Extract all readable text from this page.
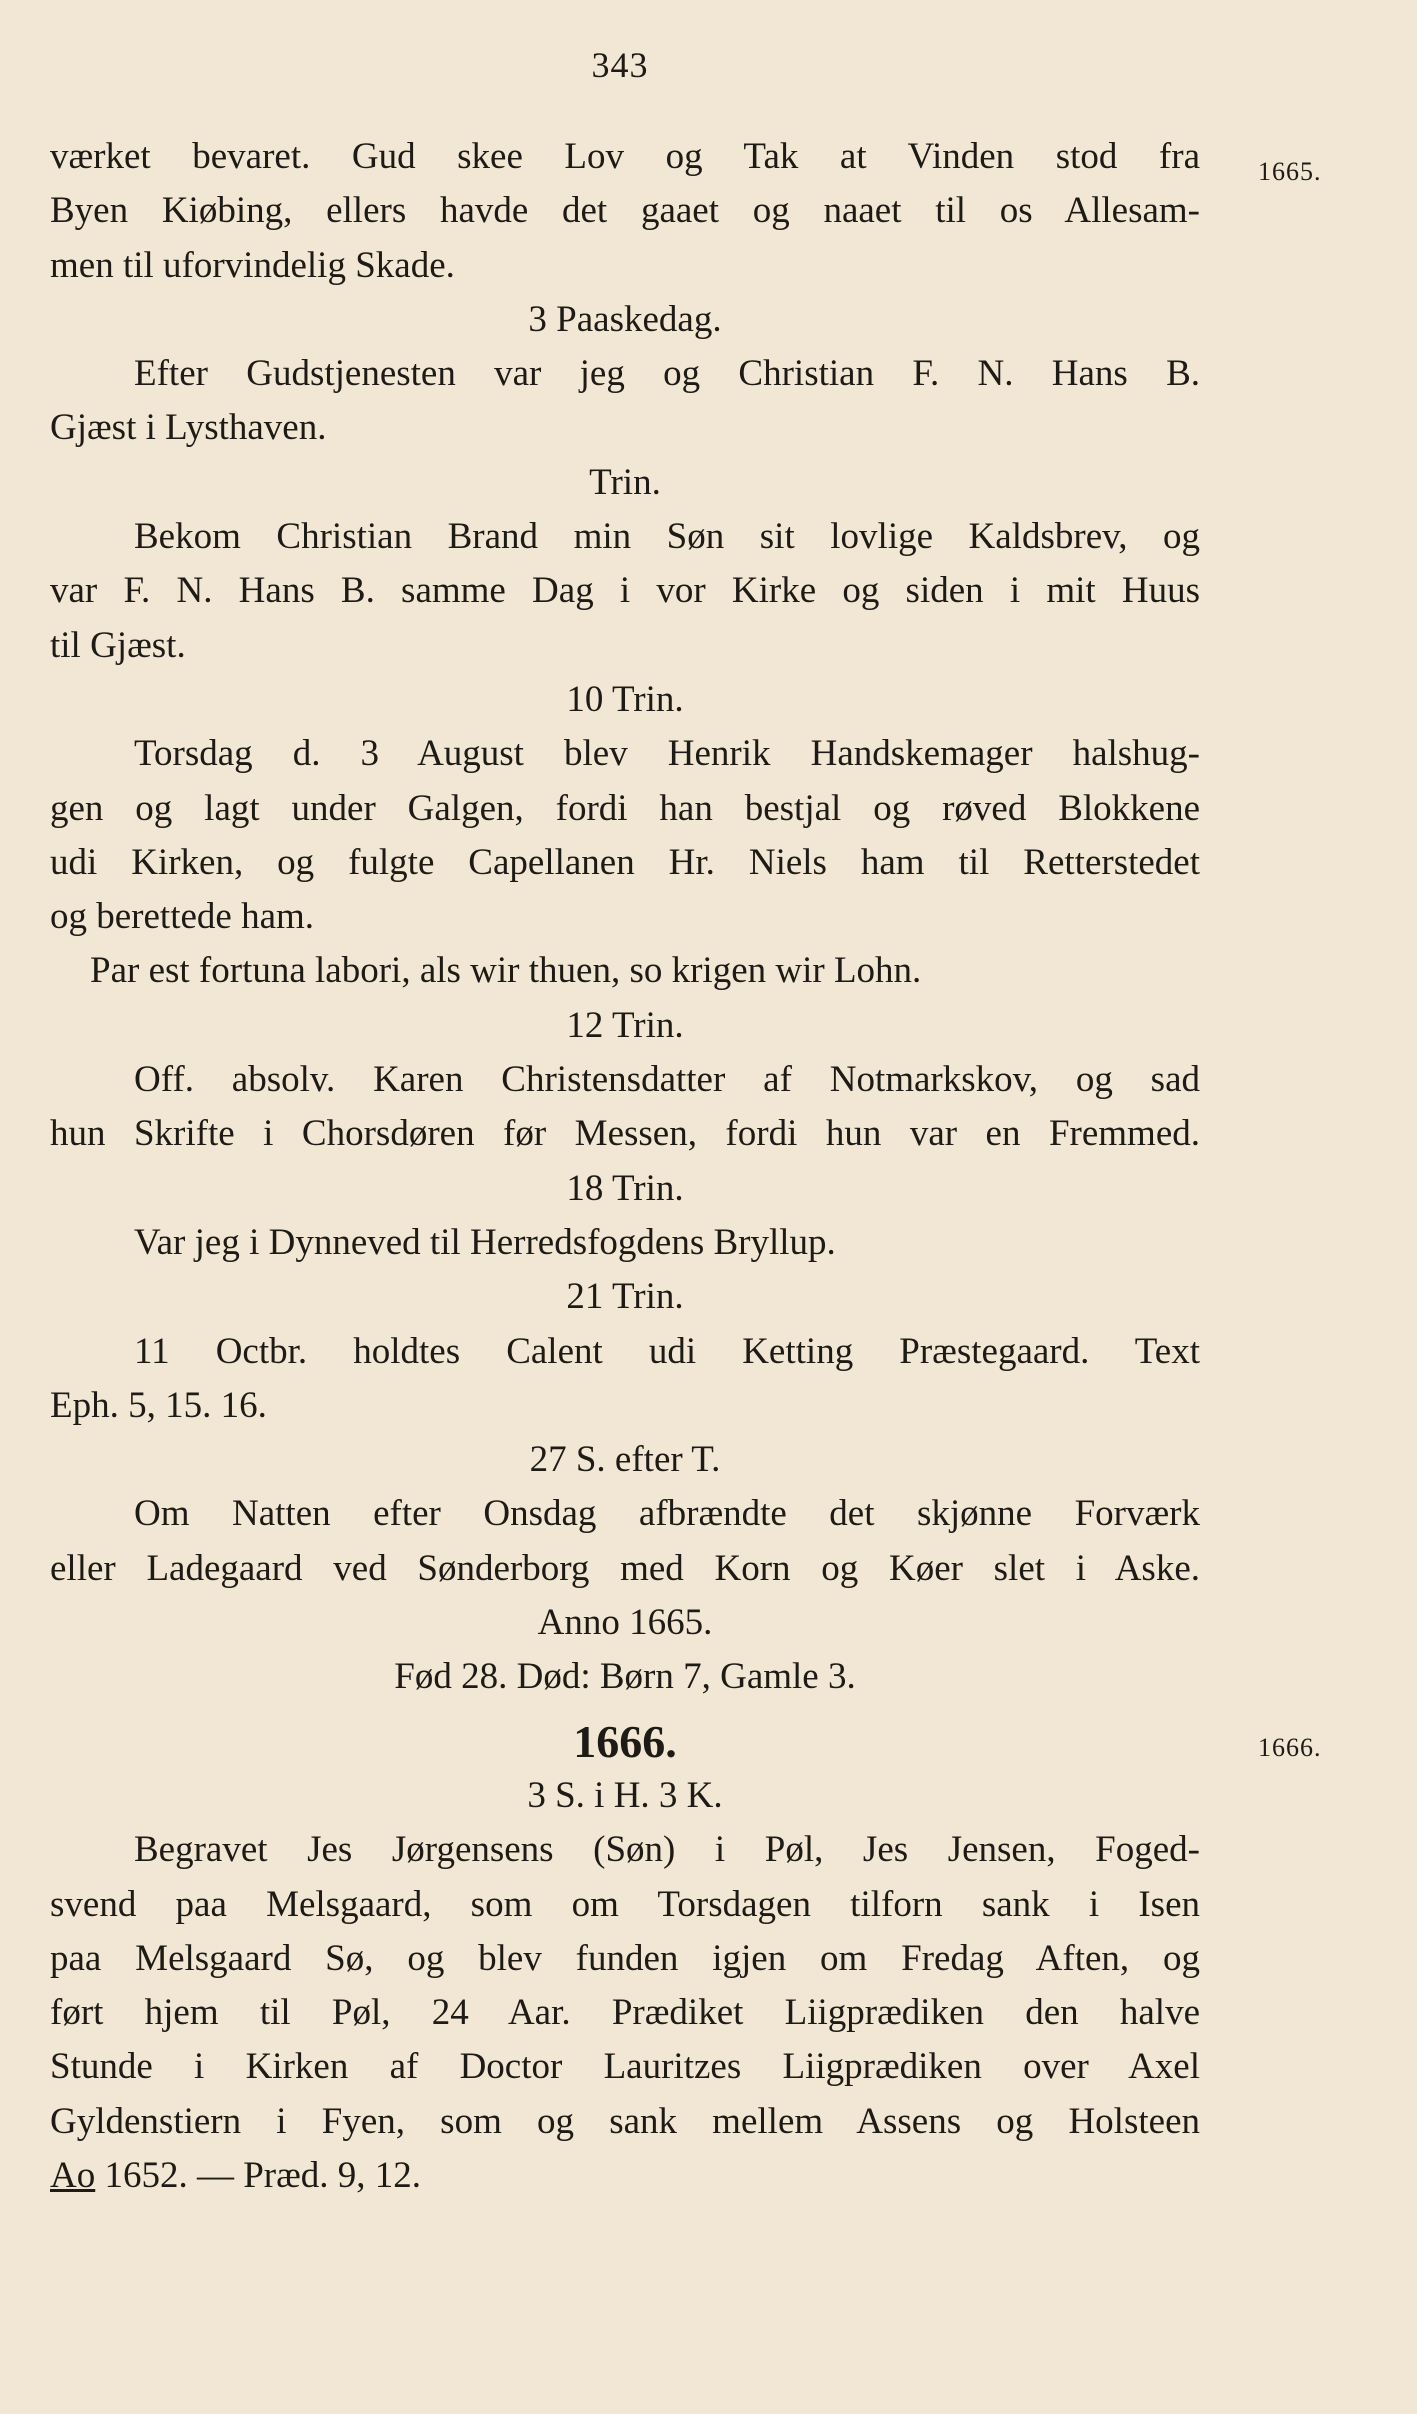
343
1665.
1666.

værket bevaret. Gud skee Lov og Tak at Vinden stod fra

Byen Kiøbing, ellers havde det gaaet og naaet til os Allesam-

men til uforvindelig Skade.

3 Paaskedag.

Efter Gudstjenesten var jeg og Christian F. N. Hans B.

Gjæst i Lysthaven.

Trin.

Bekom Christian Brand min Søn sit lovlige Kaldsbrev, og

var F. N. Hans B. samme Dag i vor Kirke og siden i mit Huus

til Gjæst.

10 Trin.

Torsdag d. 3 August blev Henrik Handskemager halshug-

gen og lagt under Galgen, fordi han bestjal og røved Blokkene

udi Kirken, og fulgte Capellanen Hr. Niels ham til Retterstedet

og berettede ham.

Par est fortuna labori, als wir thuen, so krigen wir Lohn.

12 Trin.

Off. absolv. Karen Christensdatter af Notmarkskov, og sad

hun Skrifte i Chorsdøren før Messen, fordi hun var en Fremmed.

18 Trin.

Var jeg i Dynneved til Herredsfogdens Bryllup.

21 Trin.

11 Octbr. holdtes Calent udi Ketting Præstegaard. Text

Eph. 5, 15. 16.

27 S. efter T.

Om Natten efter Onsdag afbrændte det skjønne Forværk

eller Ladegaard ved Sønderborg med Korn og Køer slet i Aske.

Anno 1665.

Fød 28. Død: Børn 7, Gamle 3.

1666.

3 S. i H. 3 K.

Begravet Jes Jørgensens (Søn) i Pøl, Jes Jensen, Foged-

svend paa Melsgaard, som om Torsdagen tilforn sank i Isen

paa Melsgaard Sø, og blev funden igjen om Fredag Aften, og

ført hjem til Pøl, 24 Aar. Prædiket Liigprædiken den halve

Stunde i Kirken af Doctor Lauritzes Liigprædiken over Axel

Gyldenstiern i Fyen, som og sank mellem Assens og Holsteen

Ao 1652. — Præd. 9, 12.
